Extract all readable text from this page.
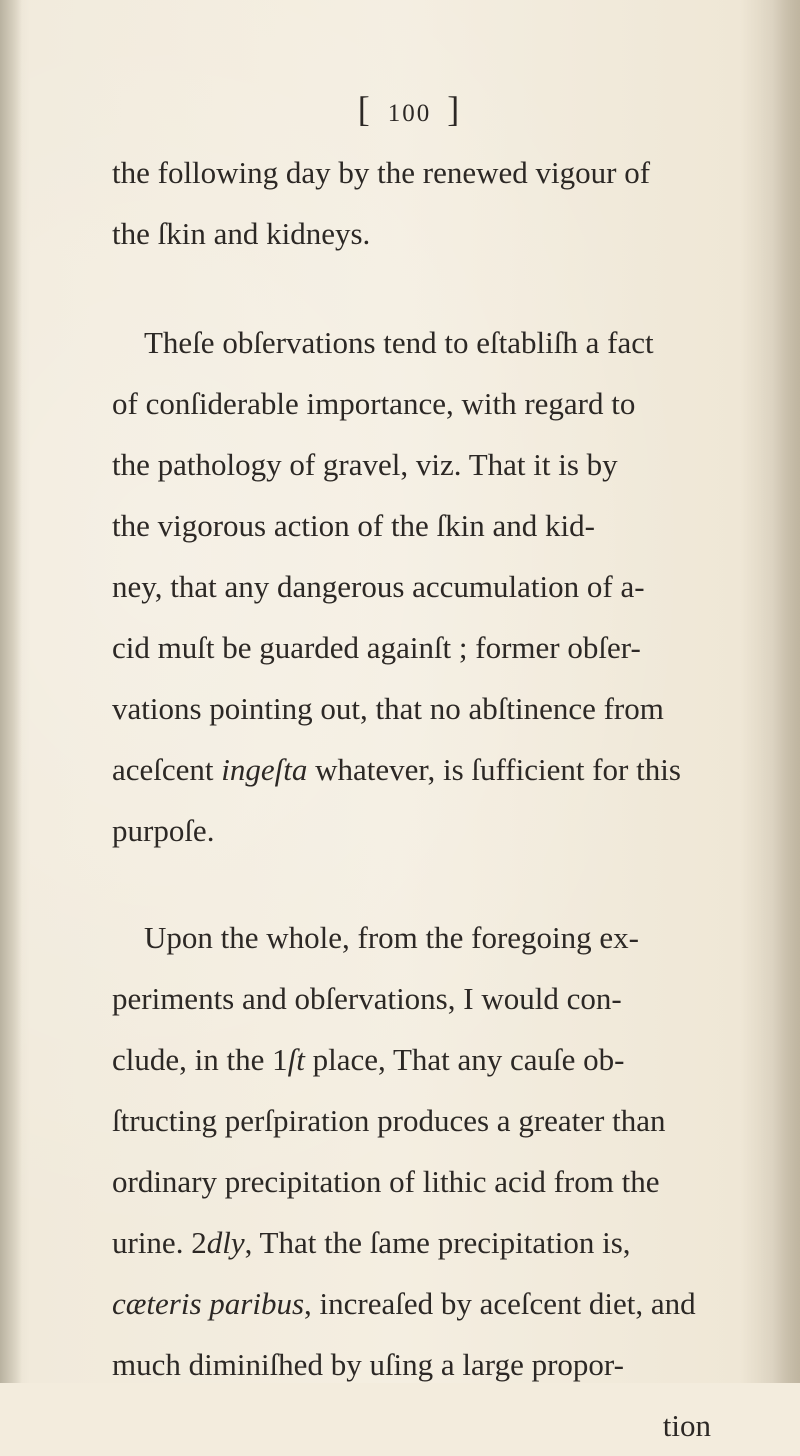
[ 100 ]
the following day by the renewed vigour of
the ſkin and kidneys.
Theſe obſervations tend to eſtabliſh a fact
of conſiderable importance, with regard to
the pathology of gravel, viz. That it is by
the vigorous action of the ſkin and kid-
ney, that any dangerous accumulation of a-
cid muſt be guarded againſt ; former obſer-
vations pointing out, that no abſtinence from
aceſcent ingeſta whatever, is ſufficient for this
purpoſe.
Upon the whole, from the foregoing ex-
periments and obſervations, I would con-
clude, in the 1ſt place, That any cauſe ob-
ſtructing perſpiration produces a greater than
ordinary precipitation of lithic acid from the
urine. 2dly, That the ſame precipitation is,
cæteris paribus, increaſed by aceſcent diet, and
much diminiſhed by uſing a large propor-
tion
